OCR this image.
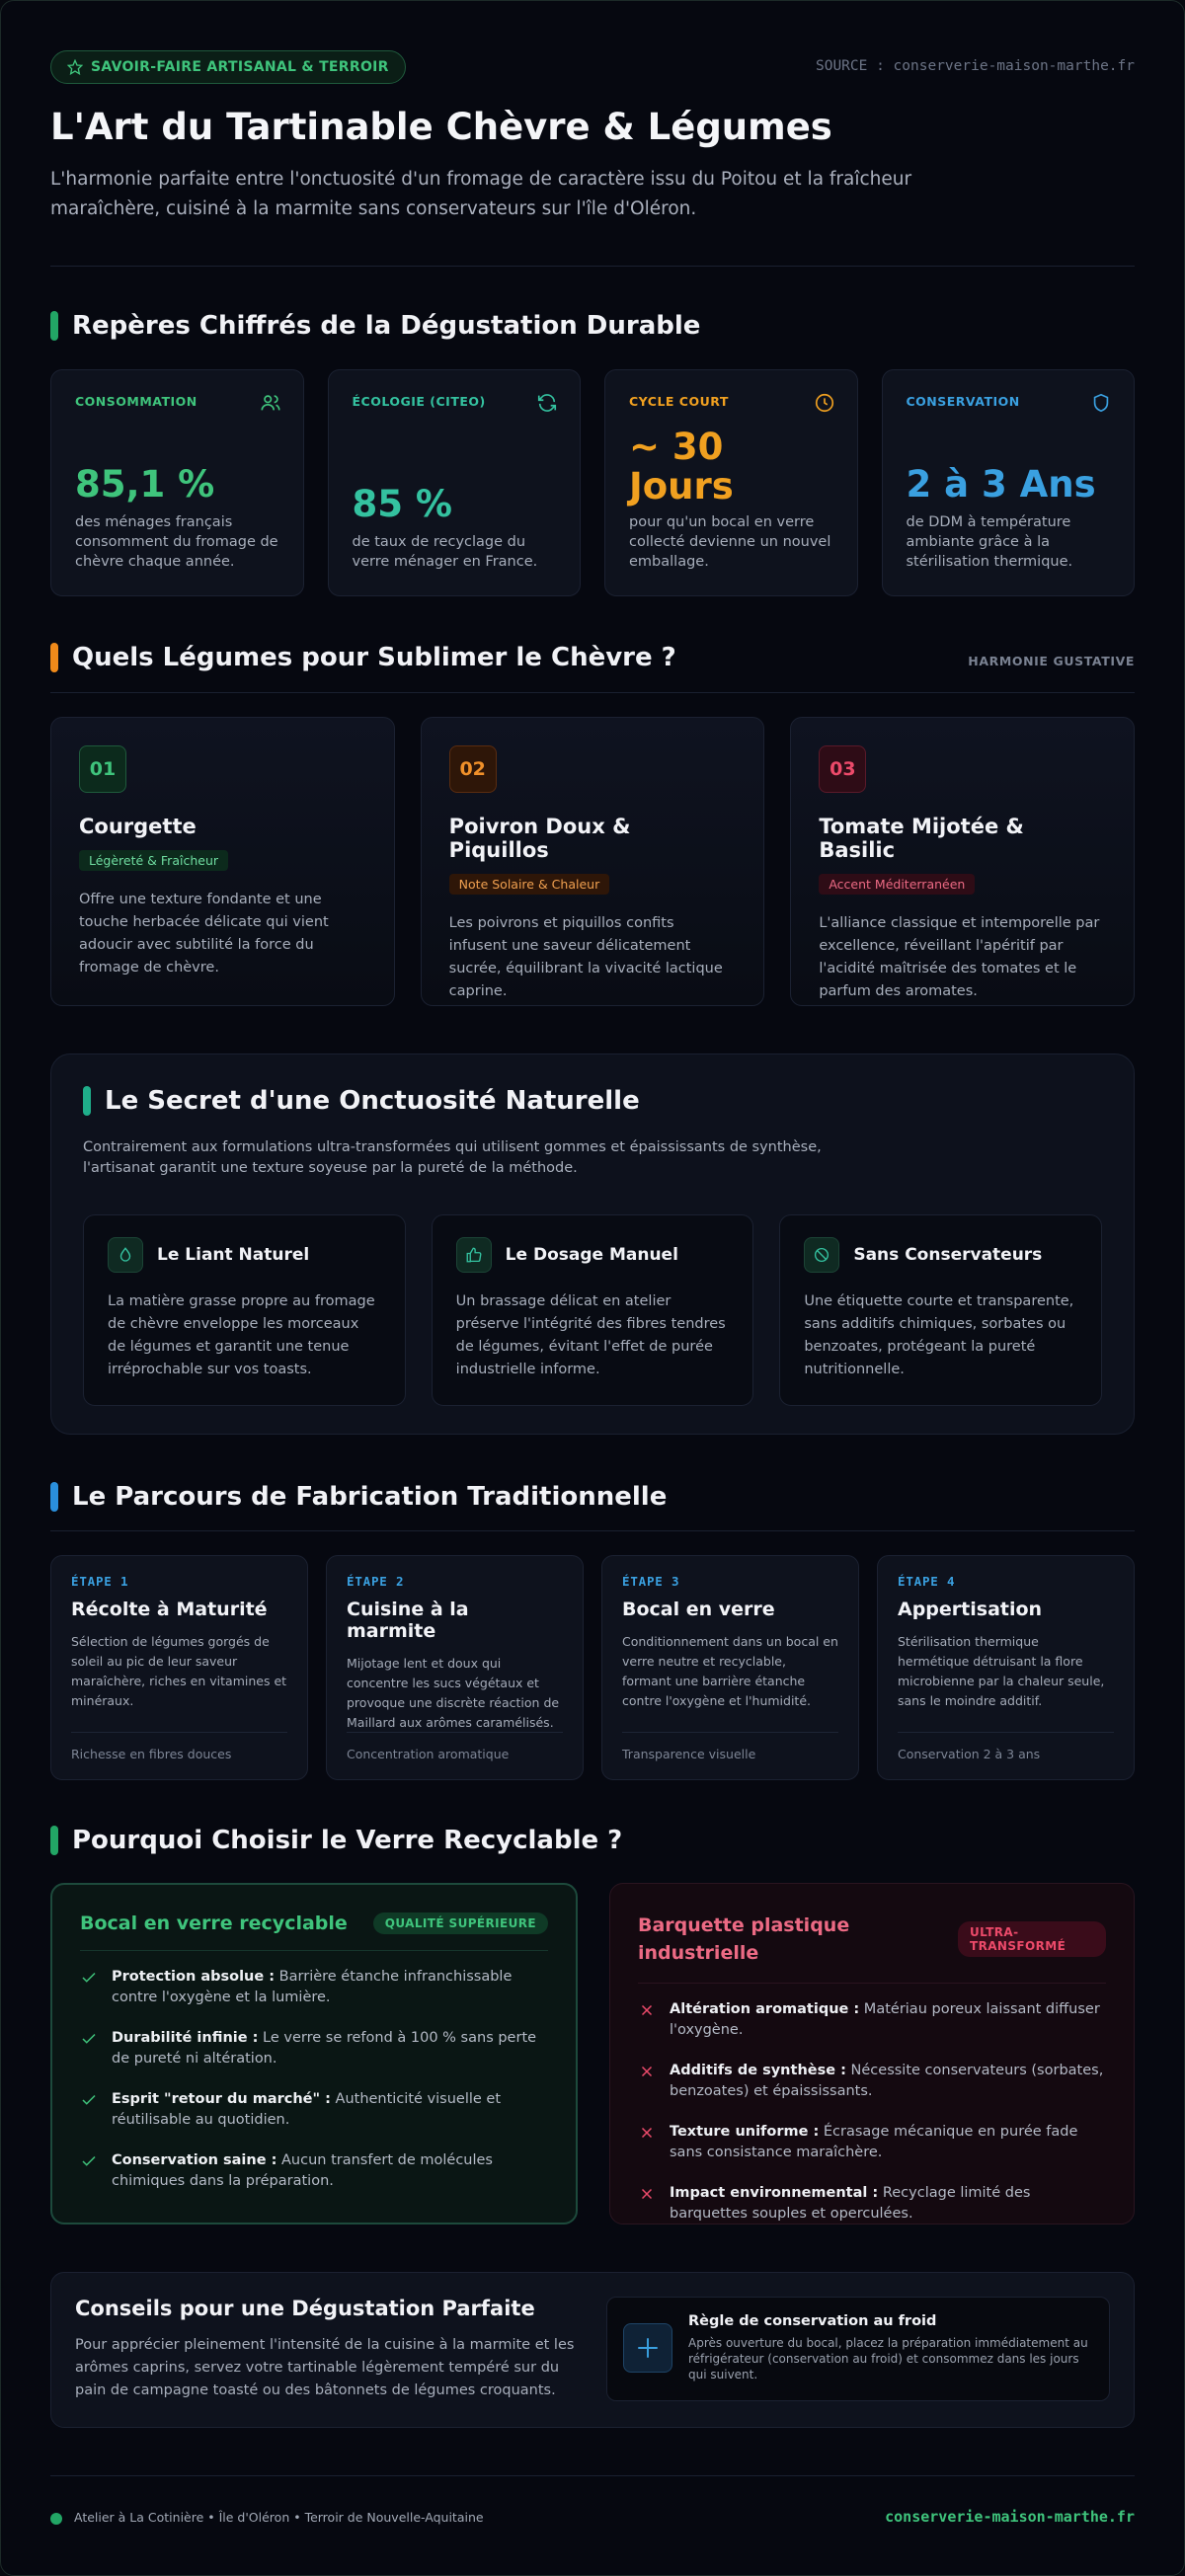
SAVOIR-FAIRE ARTISANAL & TERROIR	SOURCE : conserverie-maison-marthe.fr
L'Art du Tartinable Chèvre & Légumes

L'harmonie parfaite entre l'onctuosité d'un fromage de caractère issu du Poitou et la fraîcheur maraîchère, cuisiné à la marmite sans conservateurs sur l'île d'Oléron.

Repères Chiffrés de la Dégustation Durable
CONSOMMATION
85,1 %
des ménages français consomment du fromage de chèvre chaque année.
ÉCOLOGIE (CITEO)
85 %
de taux de recyclage du verre ménager en France.
CYCLE COURT
~ 30 Jours
pour qu'un bocal en verre collecté devienne un nouvel emballage.
CONSERVATION
2 à 3 Ans
de DDM à température ambiante grâce à la stérilisation thermique.
Quels Légumes pour Sublimer le Chèvre ?	HARMONIE GUSTATIVE
01
Courgette
Légèreté & Fraîcheur
Offre une texture fondante et une touche herbacée délicate qui vient adoucir avec subtilité la force du fromage de chèvre.
02
Poivron Doux & Piquillos
Note Solaire & Chaleur
Les poivrons et piquillos confits infusent une saveur délicatement sucrée, équilibrant la vivacité lactique caprine.
03
Tomate Mijotée & Basilic
Accent Méditerranéen
L'alliance classique et intemporelle par excellence, réveillant l'apéritif par l'acidité maîtrisée des tomates et le parfum des aromates.
Le Secret d'une Onctuosité Naturelle

Contrairement aux formulations ultra-transformées qui utilisent gommes et épaississants de synthèse, l'artisanat garantit une texture soyeuse par la pureté de la méthode.

Le Liant Naturel
La matière grasse propre au fromage de chèvre enveloppe les morceaux de légumes et garantit une tenue irréprochable sur vos toasts.
Le Dosage Manuel
Un brassage délicat en atelier préserve l'intégrité des fibres tendres de légumes, évitant l'effet de purée industrielle informe.
Sans Conservateurs
Une étiquette courte et transparente, sans additifs chimiques, sorbates ou benzoates, protégeant la pureté nutritionnelle.
Le Parcours de Fabrication Traditionnelle
ÉTAPE 1
Récolte à Maturité
Sélection de légumes gorgés de soleil au pic de leur saveur maraîchère, riches en vitamines et minéraux.
Richesse en fibres douces
ÉTAPE 2
Cuisine à la marmite
Mijotage lent et doux qui concentre les sucs végétaux et provoque une discrète réaction de Maillard aux arômes caramélisés.
Concentration aromatique
ÉTAPE 3
Bocal en verre
Conditionnement dans un bocal en verre neutre et recyclable, formant une barrière étanche contre l'oxygène et l'humidité.
Transparence visuelle
ÉTAPE 4
Appertisation
Stérilisation thermique hermétique détruisant la flore microbienne par la chaleur seule, sans le moindre additif.
Conservation 2 à 3 ans
Pourquoi Choisir le Verre Recyclable ?
Bocal en verre recyclable	QUALITÉ SUPÉRIEURE
Protection absolue : Barrière étanche infranchissable contre l'oxygène et la lumière.
Durabilité infinie : Le verre se refond à 100 % sans perte de pureté ni altération.
Esprit "retour du marché" : Authenticité visuelle et réutilisable au quotidien.
Conservation saine : Aucun transfert de molécules chimiques dans la préparation.
Barquette plastique industrielle
ULTRA-TRANSFORMÉ
Altération aromatique : Matériau poreux laissant diffuser l'oxygène.
Additifs de synthèse : Nécessite conservateurs (sorbates, benzoates) et épaississants.
Texture uniforme : Écrasage mécanique en purée fade sans consistance maraîchère.
Impact environnemental : Recyclage limité des barquettes souples et operculées.
Conseils pour une Dégustation Parfaite
Pour apprécier pleinement l'intensité de la cuisine à la marmite et les arômes caprins, servez votre tartinable légèrement tempéré sur du pain de campagne toasté ou des bâtonnets de légumes croquants.
Règle de conservation au froid
Après ouverture du bocal, placez la préparation immédiatement au réfrigérateur (conservation au froid) et consommez dans les jours qui suivent.
Atelier à La Cotinière • Île d'Oléron • Terroir de Nouvelle-Aquitaine	conserverie-maison-marthe.fr
